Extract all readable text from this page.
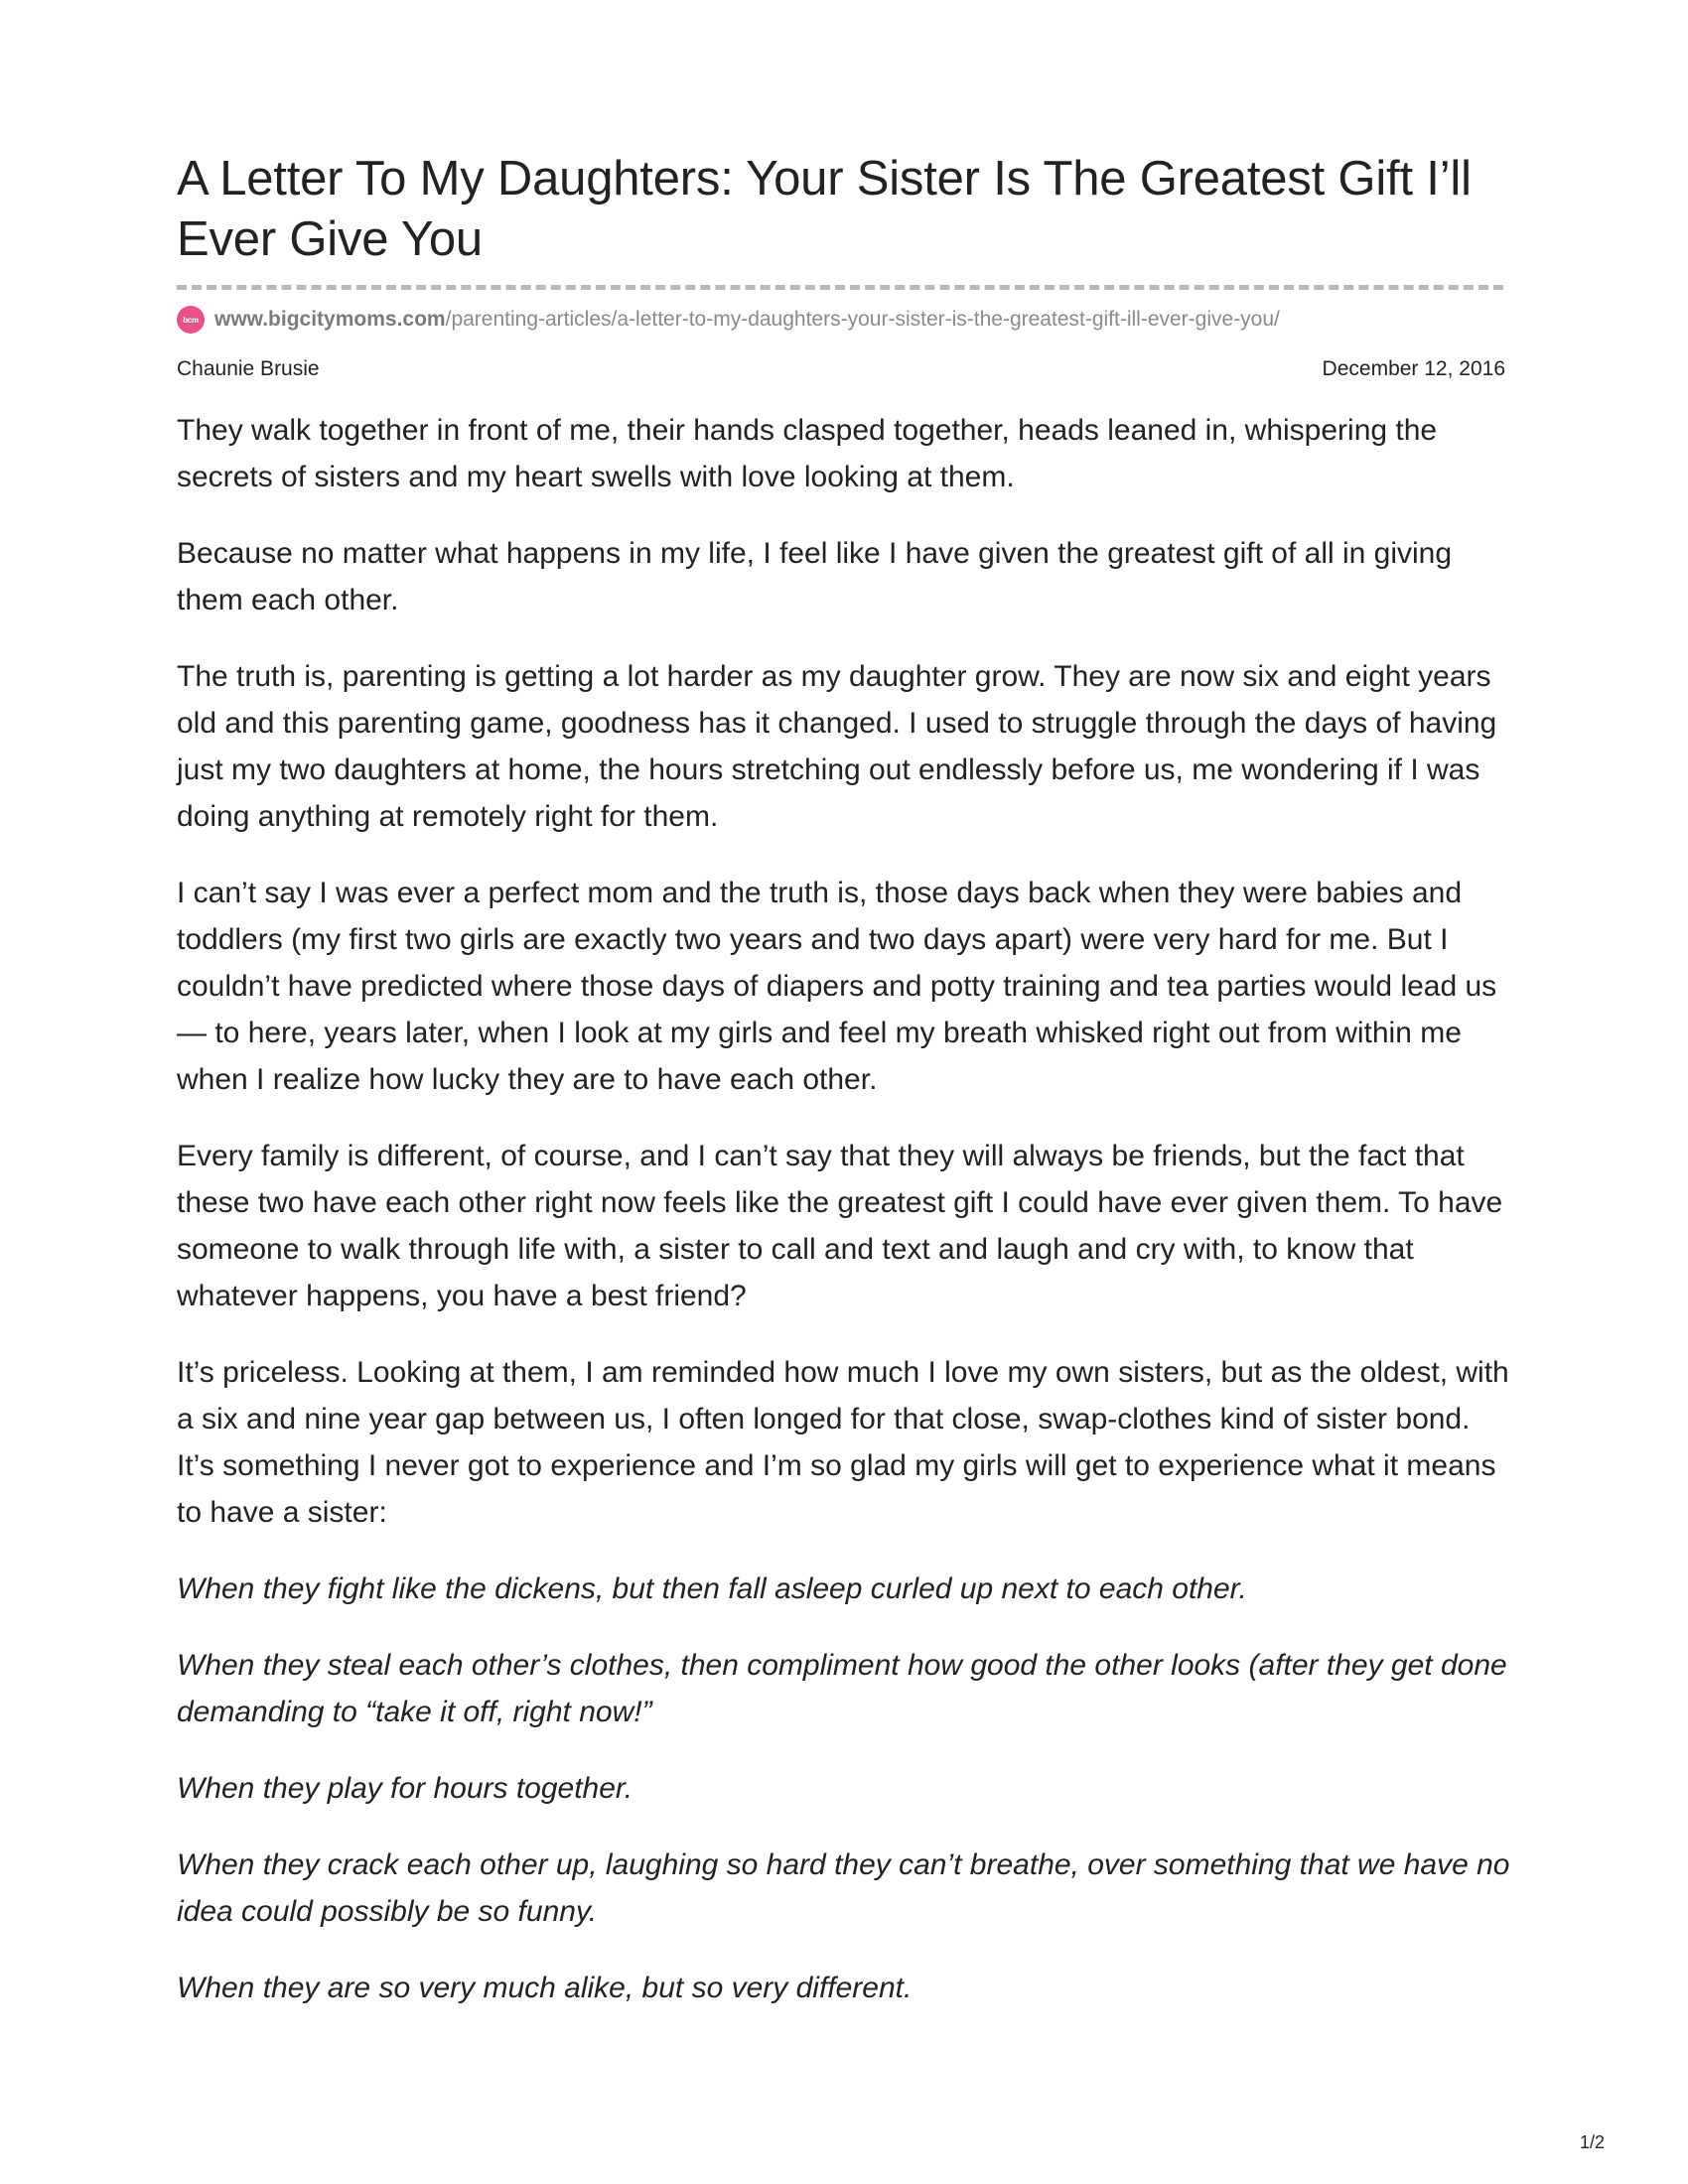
A Letter To My Daughters: Your Sister Is The Greatest Gift I’ll Ever Give You
bcm www.bigcitymoms.com/parenting-articles/a-letter-to-my-daughters-your-sister-is-the-greatest-gift-ill-ever-give-you/
Chaunie Brusie	December 12, 2016

They walk together in front of me, their hands clasped together, heads leaned in, whispering the secrets of sisters and my heart swells with love looking at them.

Because no matter what happens in my life, I feel like I have given the greatest gift of all in giving them each other.

The truth is, parenting is getting a lot harder as my daughter grow. They are now six and eight years old and this parenting game, goodness has it changed. I used to struggle through the days of having just my two daughters at home, the hours stretching out endlessly before us, me wondering if I was doing anything at remotely right for them.

I can’t say I was ever a perfect mom and the truth is, those days back when they were babies and toddlers (my first two girls are exactly two years and two days apart) were very hard for me. But I couldn’t have predicted where those days of diapers and potty training and tea parties would lead us — to here, years later, when I look at my girls and feel my breath whisked right out from within me when I realize how lucky they are to have each other.

Every family is different, of course, and I can’t say that they will always be friends, but the fact that these two have each other right now feels like the greatest gift I could have ever given them. To have someone to walk through life with, a sister to call and text and laugh and cry with, to know that whatever happens, you have a best friend?

It’s priceless. Looking at them, I am reminded how much I love my own sisters, but as the oldest, with a six and nine year gap between us, I often longed for that close, swap-clothes kind of sister bond. It’s something I never got to experience and I’m so glad my girls will get to experience what it means to have a sister:

When they fight like the dickens, but then fall asleep curled up next to each other.

When they steal each other’s clothes, then compliment how good the other looks (after they get done demanding to “take it off, right now!”

When they play for hours together.

When they crack each other up, laughing so hard they can’t breathe, over something that we have no idea could possibly be so funny.

When they are so very much alike, but so very different.

1/2
